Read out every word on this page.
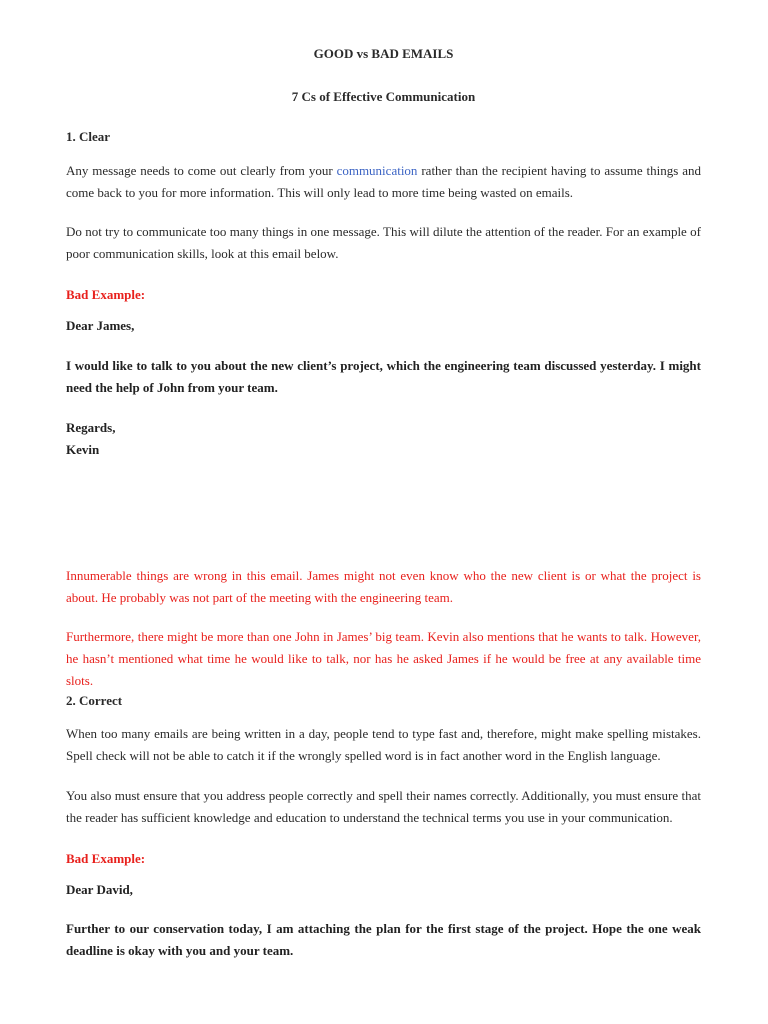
GOOD vs BAD EMAILS
7 Cs of Effective Communication
1. Clear
Any message needs to come out clearly from your communication rather than the recipient having to assume things and come back to you for more information. This will only lead to more time being wasted on emails.
Do not try to communicate too many things in one message. This will dilute the attention of the reader. For an example of poor communication skills, look at this email below.
Bad Example:
Dear James,
I would like to talk to you about the new client’s project, which the engineering team discussed yesterday. I might need the help of John from your team.
Regards,
Kevin
Innumerable things are wrong in this email. James might not even know who the new client is or what the project is about. He probably was not part of the meeting with the engineering team.
Furthermore, there might be more than one John in James’ big team. Kevin also mentions that he wants to talk. However, he hasn’t mentioned what time he would like to talk, nor has he asked James if he would be free at any available time slots.
2. Correct
When too many emails are being written in a day, people tend to type fast and, therefore, might make spelling mistakes. Spell check will not be able to catch it if the wrongly spelled word is in fact another word in the English language.
You also must ensure that you address people correctly and spell their names correctly. Additionally, you must ensure that the reader has sufficient knowledge and education to understand the technical terms you use in your communication.
Bad Example:
Dear David,
Further to our conservation today, I am attaching the plan for the first stage of the project. Hope the one weak deadline is okay with you and your team.
